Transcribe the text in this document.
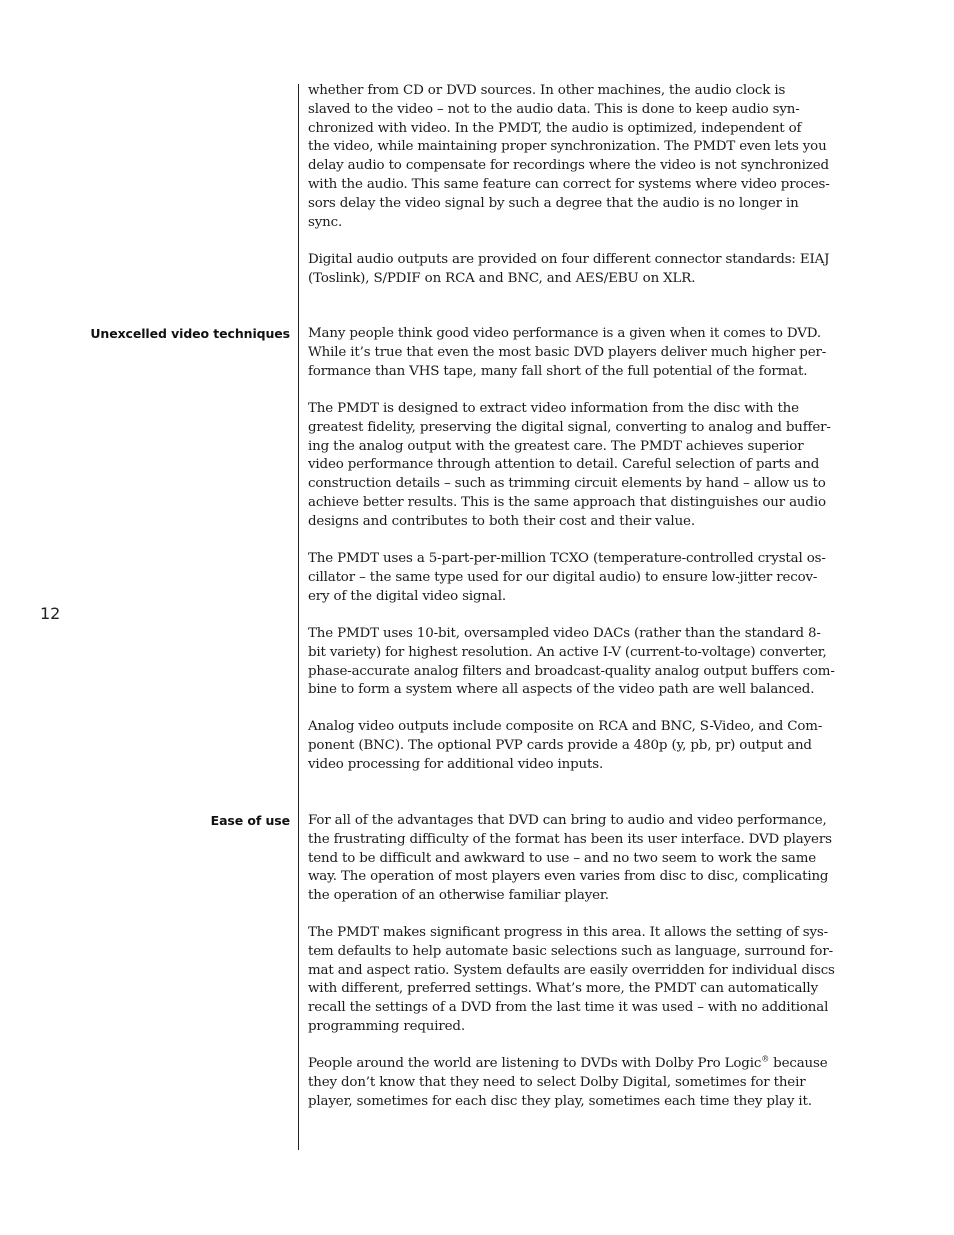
12
Unexcelled video techniques
Ease of use
whether from CD or DVD sources. In other machines, the audio clock is
slaved to the video – not to the audio data. This is done to keep audio syn-
chronized with video. In the PMDT, the audio is optimized, independent of
the video, while maintaining proper synchronization. The PMDT even lets you
delay audio to compensate for recordings where the video is not synchronized
with the audio. This same feature can correct for systems where video proces-
sors delay the video signal by such a degree that the audio is no longer in
sync.
Digital audio outputs are provided on four different connector standards: EIAJ
(Toslink), S/PDIF on RCA and BNC, and AES/EBU on XLR.
Many people think good video performance is a given when it comes to DVD.
While it’s true that even the most basic DVD players deliver much higher per-
formance than VHS tape, many fall short of the full potential of the format.
The PMDT is designed to extract video information from the disc with the
greatest fidelity, preserving the digital signal, converting to analog and buffer-
ing the analog output with the greatest care. The PMDT achieves superior
video performance through attention to detail. Careful selection of parts and
construction details – such as trimming circuit elements by hand – allow us to
achieve better results. This is the same approach that distinguishes our audio
designs and contributes to both their cost and their value.
The PMDT uses a 5-part-per-million TCXO (temperature-controlled crystal os-
cillator – the same type used for our digital audio) to ensure low-jitter recov-
ery of the digital video signal.
The PMDT uses 10-bit, oversampled video DACs (rather than the standard 8-
bit variety) for highest resolution. An active I-V (current-to-voltage) converter,
phase-accurate analog filters and broadcast-quality analog output buffers com-
bine to form a system where all aspects of the video path are well balanced.
Analog video outputs include composite on RCA and BNC, S-Video, and Com-
ponent (BNC). The optional PVP cards provide a 480p (y, pb, pr) output and
video processing for additional video inputs.
For all of the advantages that DVD can bring to audio and video performance,
the frustrating difficulty of the format has been its user interface. DVD players
tend to be difficult and awkward to use – and no two seem to work the same
way. The operation of most players even varies from disc to disc, complicating
the operation of an otherwise familiar player.
The PMDT makes significant progress in this area. It allows the setting of sys-
tem defaults to help automate basic selections such as language, surround for-
mat and aspect ratio. System defaults are easily overridden for individual discs
with different, preferred settings. What’s more, the PMDT can automatically
recall the settings of a DVD from the last time it was used – with no additional
programming required.
People around the world are listening to DVDs with Dolby Pro Logic® because
they don’t know that they need to select Dolby Digital, sometimes for their
player, sometimes for each disc they play, sometimes each time they play it.
